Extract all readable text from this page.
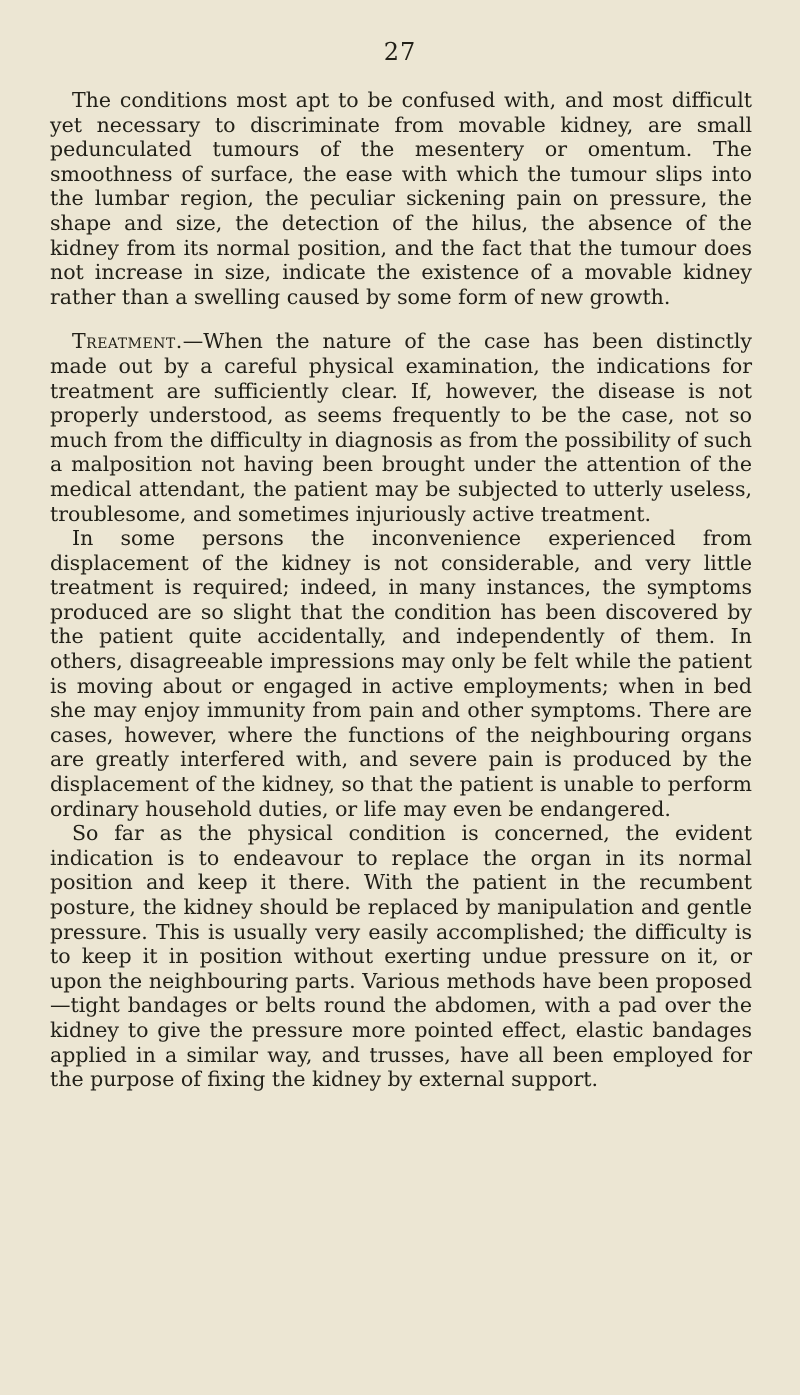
27

The conditions most apt to be confused with, and most difficult yet necessary to discriminate from movable kidney, are small pedunculated tumours of the mesentery or omentum. The smoothness of surface, the ease with which the tumour slips into the lumbar region, the peculiar sickening pain on pressure, the shape and size, the detection of the hilus, the absence of the kidney from its normal position, and the fact that the tumour does not increase in size, indicate the existence of a movable kidney rather than a swelling caused by some form of new growth.

Treatment.—When the nature of the case has been distinctly made out by a careful physical examination, the indications for treatment are sufficiently clear. If, however, the disease is not properly understood, as seems frequently to be the case, not so much from the difficulty in diagnosis as from the possibility of such a malposition not having been brought under the attention of the medical attendant, the patient may be subjected to utterly useless, troublesome, and sometimes injuriously active treatment.

In some persons the inconvenience experienced from displacement of the kidney is not considerable, and very little treatment is required; indeed, in many instances, the symptoms produced are so slight that the condition has been discovered by the patient quite accidentally, and independently of them. In others, disagreeable impressions may only be felt while the patient is moving about or engaged in active employments; when in bed she may enjoy immunity from pain and other symptoms. There are cases, however, where the functions of the neighbouring organs are greatly interfered with, and severe pain is produced by the displacement of the kidney, so that the patient is unable to perform ordinary household duties, or life may even be endangered.

So far as the physical condition is concerned, the evident indication is to endeavour to replace the organ in its normal position and keep it there. With the patient in the recumbent posture, the kidney should be replaced by manipulation and gentle pressure. This is usually very easily accomplished; the difficulty is to keep it in position without exerting undue pressure on it, or upon the neighbouring parts. Various methods have been proposed—tight bandages or belts round the abdomen, with a pad over the kidney to give the pressure more pointed effect, elastic bandages applied in a similar way, and trusses, have all been employed for the purpose of fixing the kidney by external support.
